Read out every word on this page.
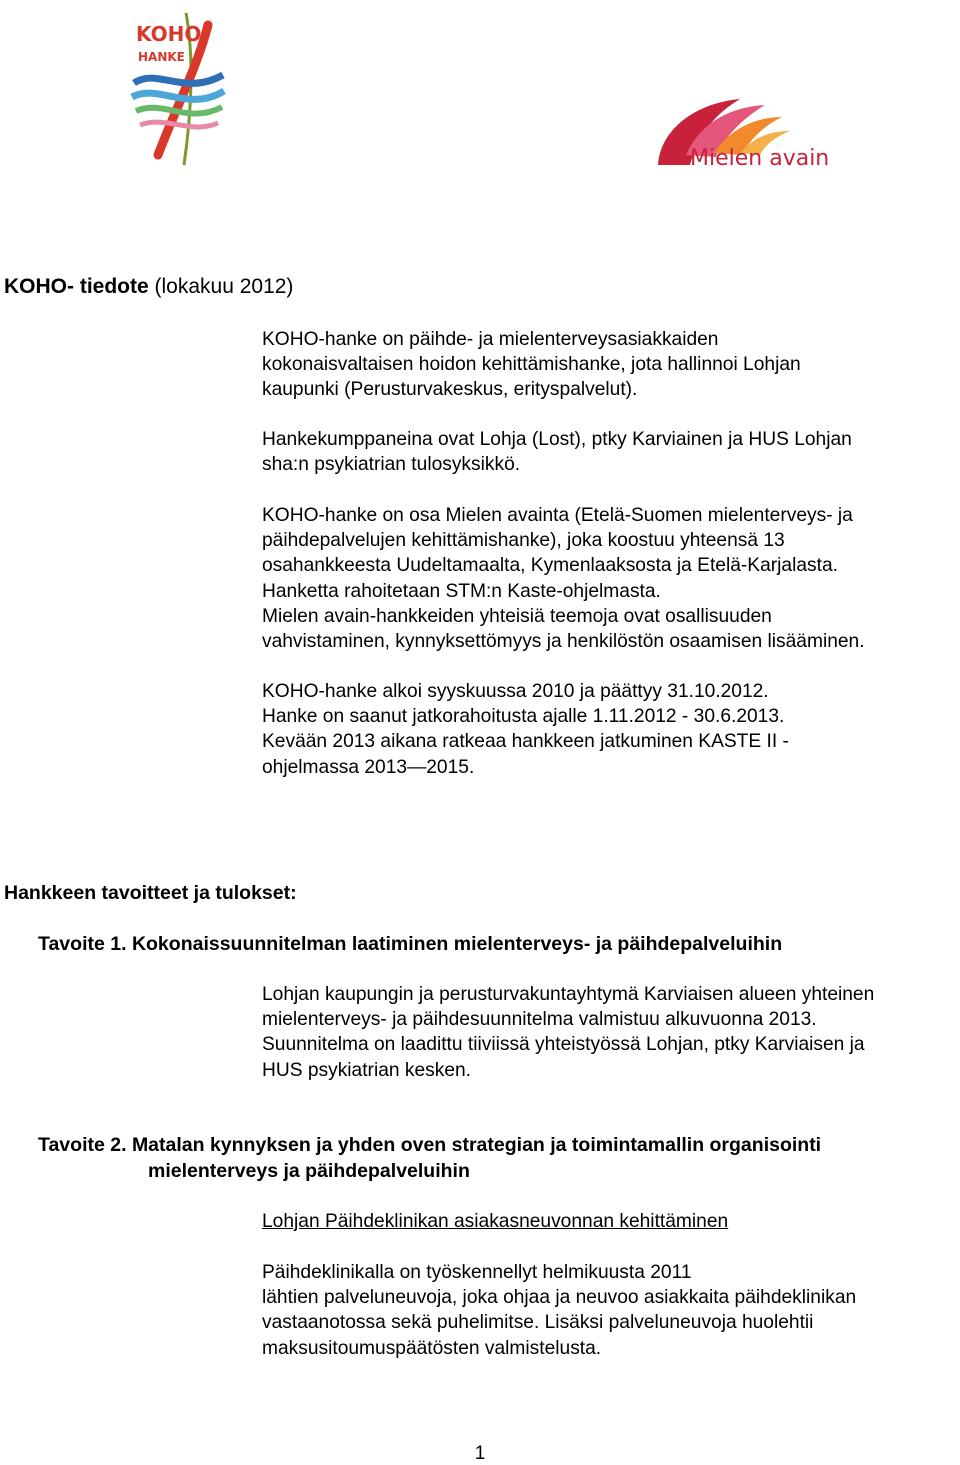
KOHO
HANKE
Mielen avain
KOHO- tiedote (lokakuu 2012)

KOHO-hanke on päihde- ja mielenterveysasiakkaiden
kokonaisvaltaisen hoidon kehittämishanke, jota hallinnoi Lohjan
kaupunki (Perusturvakeskus, erityspalvelut).

Hankekumppaneina ovat Lohja (Lost), ptky Karviainen ja HUS Lohjan
sha:n psykiatrian tulosyksikkö.

KOHO-hanke on osa Mielen avainta (Etelä-Suomen mielenterveys- ja
päihdepalvelujen kehittämishanke), joka koostuu yhteensä 13
osahankkeesta Uudeltamaalta, Kymenlaaksosta ja Etelä-Karjalasta.
Hanketta rahoitetaan STM:n Kaste-ohjelmasta.
Mielen avain-hankkeiden yhteisiä teemoja ovat osallisuuden
vahvistaminen, kynnyksettömyys ja henkilöstön osaamisen lisääminen.

KOHO-hanke alkoi syyskuussa 2010 ja päättyy 31.10.2012.
Hanke on saanut jatkorahoitusta ajalle 1.11.2012 - 30.6.2013.
Kevään 2013 aikana ratkeaa hankkeen jatkuminen KASTE II -
ohjelmassa 2013—2015.

Hankkeen tavoitteet ja tulokset:
Tavoite 1. Kokonaissuunnitelman laatiminen mielenterveys- ja päihdepalveluihin

Lohjan kaupungin ja perusturvakuntayhtymä Karviaisen alueen yhteinen
mielenterveys- ja päihdesuunnitelma valmistuu alkuvuonna 2013.
Suunnitelma on laadittu tiiviissä yhteistyössä Lohjan, ptky Karviaisen ja
HUS psykiatrian kesken.

Tavoite 2. Matalan kynnyksen ja yhden oven strategian ja toimintamallin organisointi
mielenterveys ja päihdepalveluihin

Lohjan Päihdeklinikan asiakasneuvonnan kehittäminen

Päihdeklinikalla on työskennellyt helmikuusta 2011
lähtien palveluneuvoja, joka ohjaa ja neuvoo asiakkaita päihdeklinikan
vastaanotossa sekä puhelimitse. Lisäksi palveluneuvoja huolehtii
maksusitoumuspäätösten valmistelusta.

1
